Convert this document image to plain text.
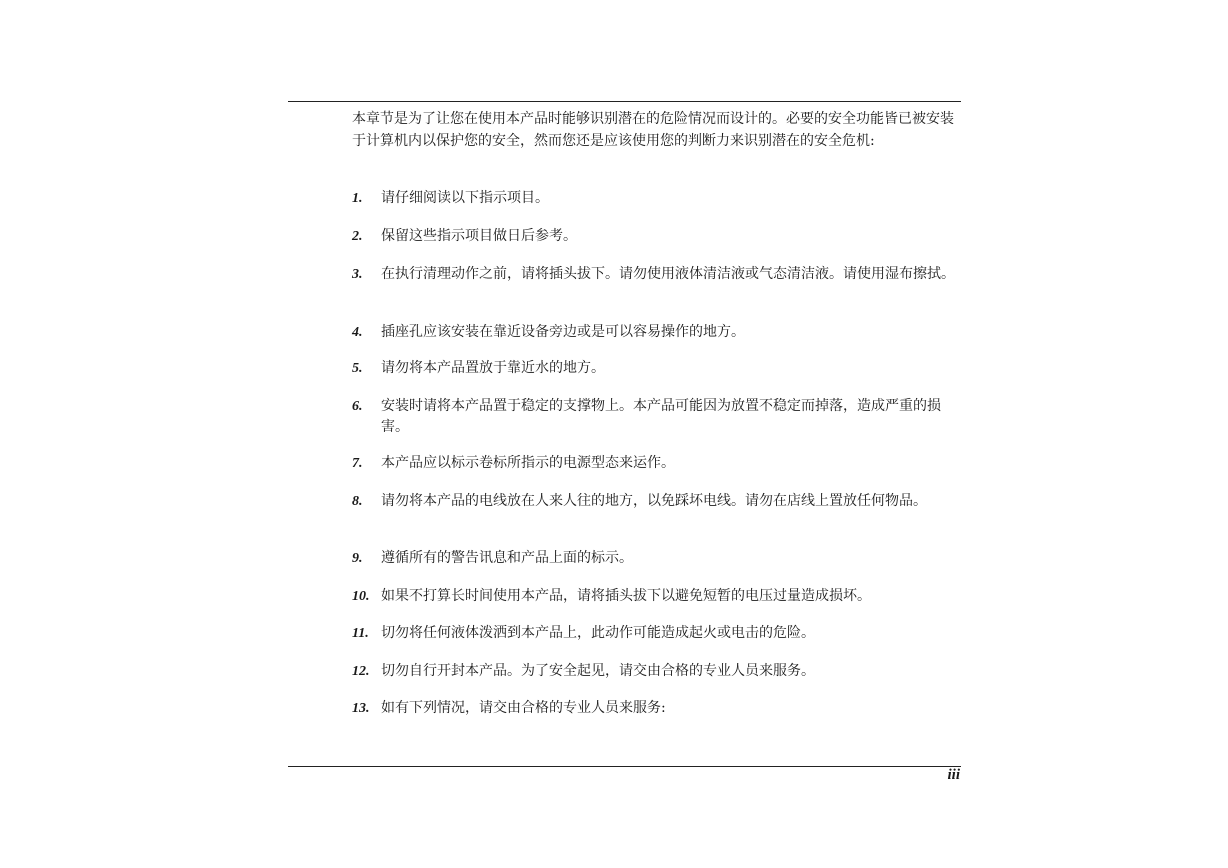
本章节是为了让您在使用本产品时能够识别潜在的危险情况而设计的。必要的安全功能皆已被安装于计算机内以保护您的安全，然而您还是应该使用您的判断力来识别潜在的安全危机:

1. 请仔细阅读以下指示项目。
2. 保留这些指示项目做日后参考。
3. 在执行清理动作之前，请将插头拔下。请勿使用液体清洁液或气态清洁液。请使用湿布擦拭。
4. 插座孔应该安装在靠近设备旁边或是可以容易操作的地方。
5. 请勿将本产品置放于靠近水的地方。
6. 安装时请将本产品置于稳定的支撑物上。本产品可能因为放置不稳定而掉落，造成严重的损害。
7. 本产品应以标示卷标所指示的电源型态来运作。
8. 请勿将本产品的电线放在人来人往的地方，以免踩坏电线。请勿在店线上置放任何物品。
9. 遵循所有的警告讯息和产品上面的标示。
10. 如果不打算长时间使用本产品，请将插头拔下以避免短暂的电压过量造成损坏。
11. 切勿将任何液体泼洒到本产品上，此动作可能造成起火或电击的危险。
12. 切勿自行开封本产品。为了安全起见，请交由合格的专业人员来服务。
13. 如有下列情况，请交由合格的专业人员来服务:
iii
